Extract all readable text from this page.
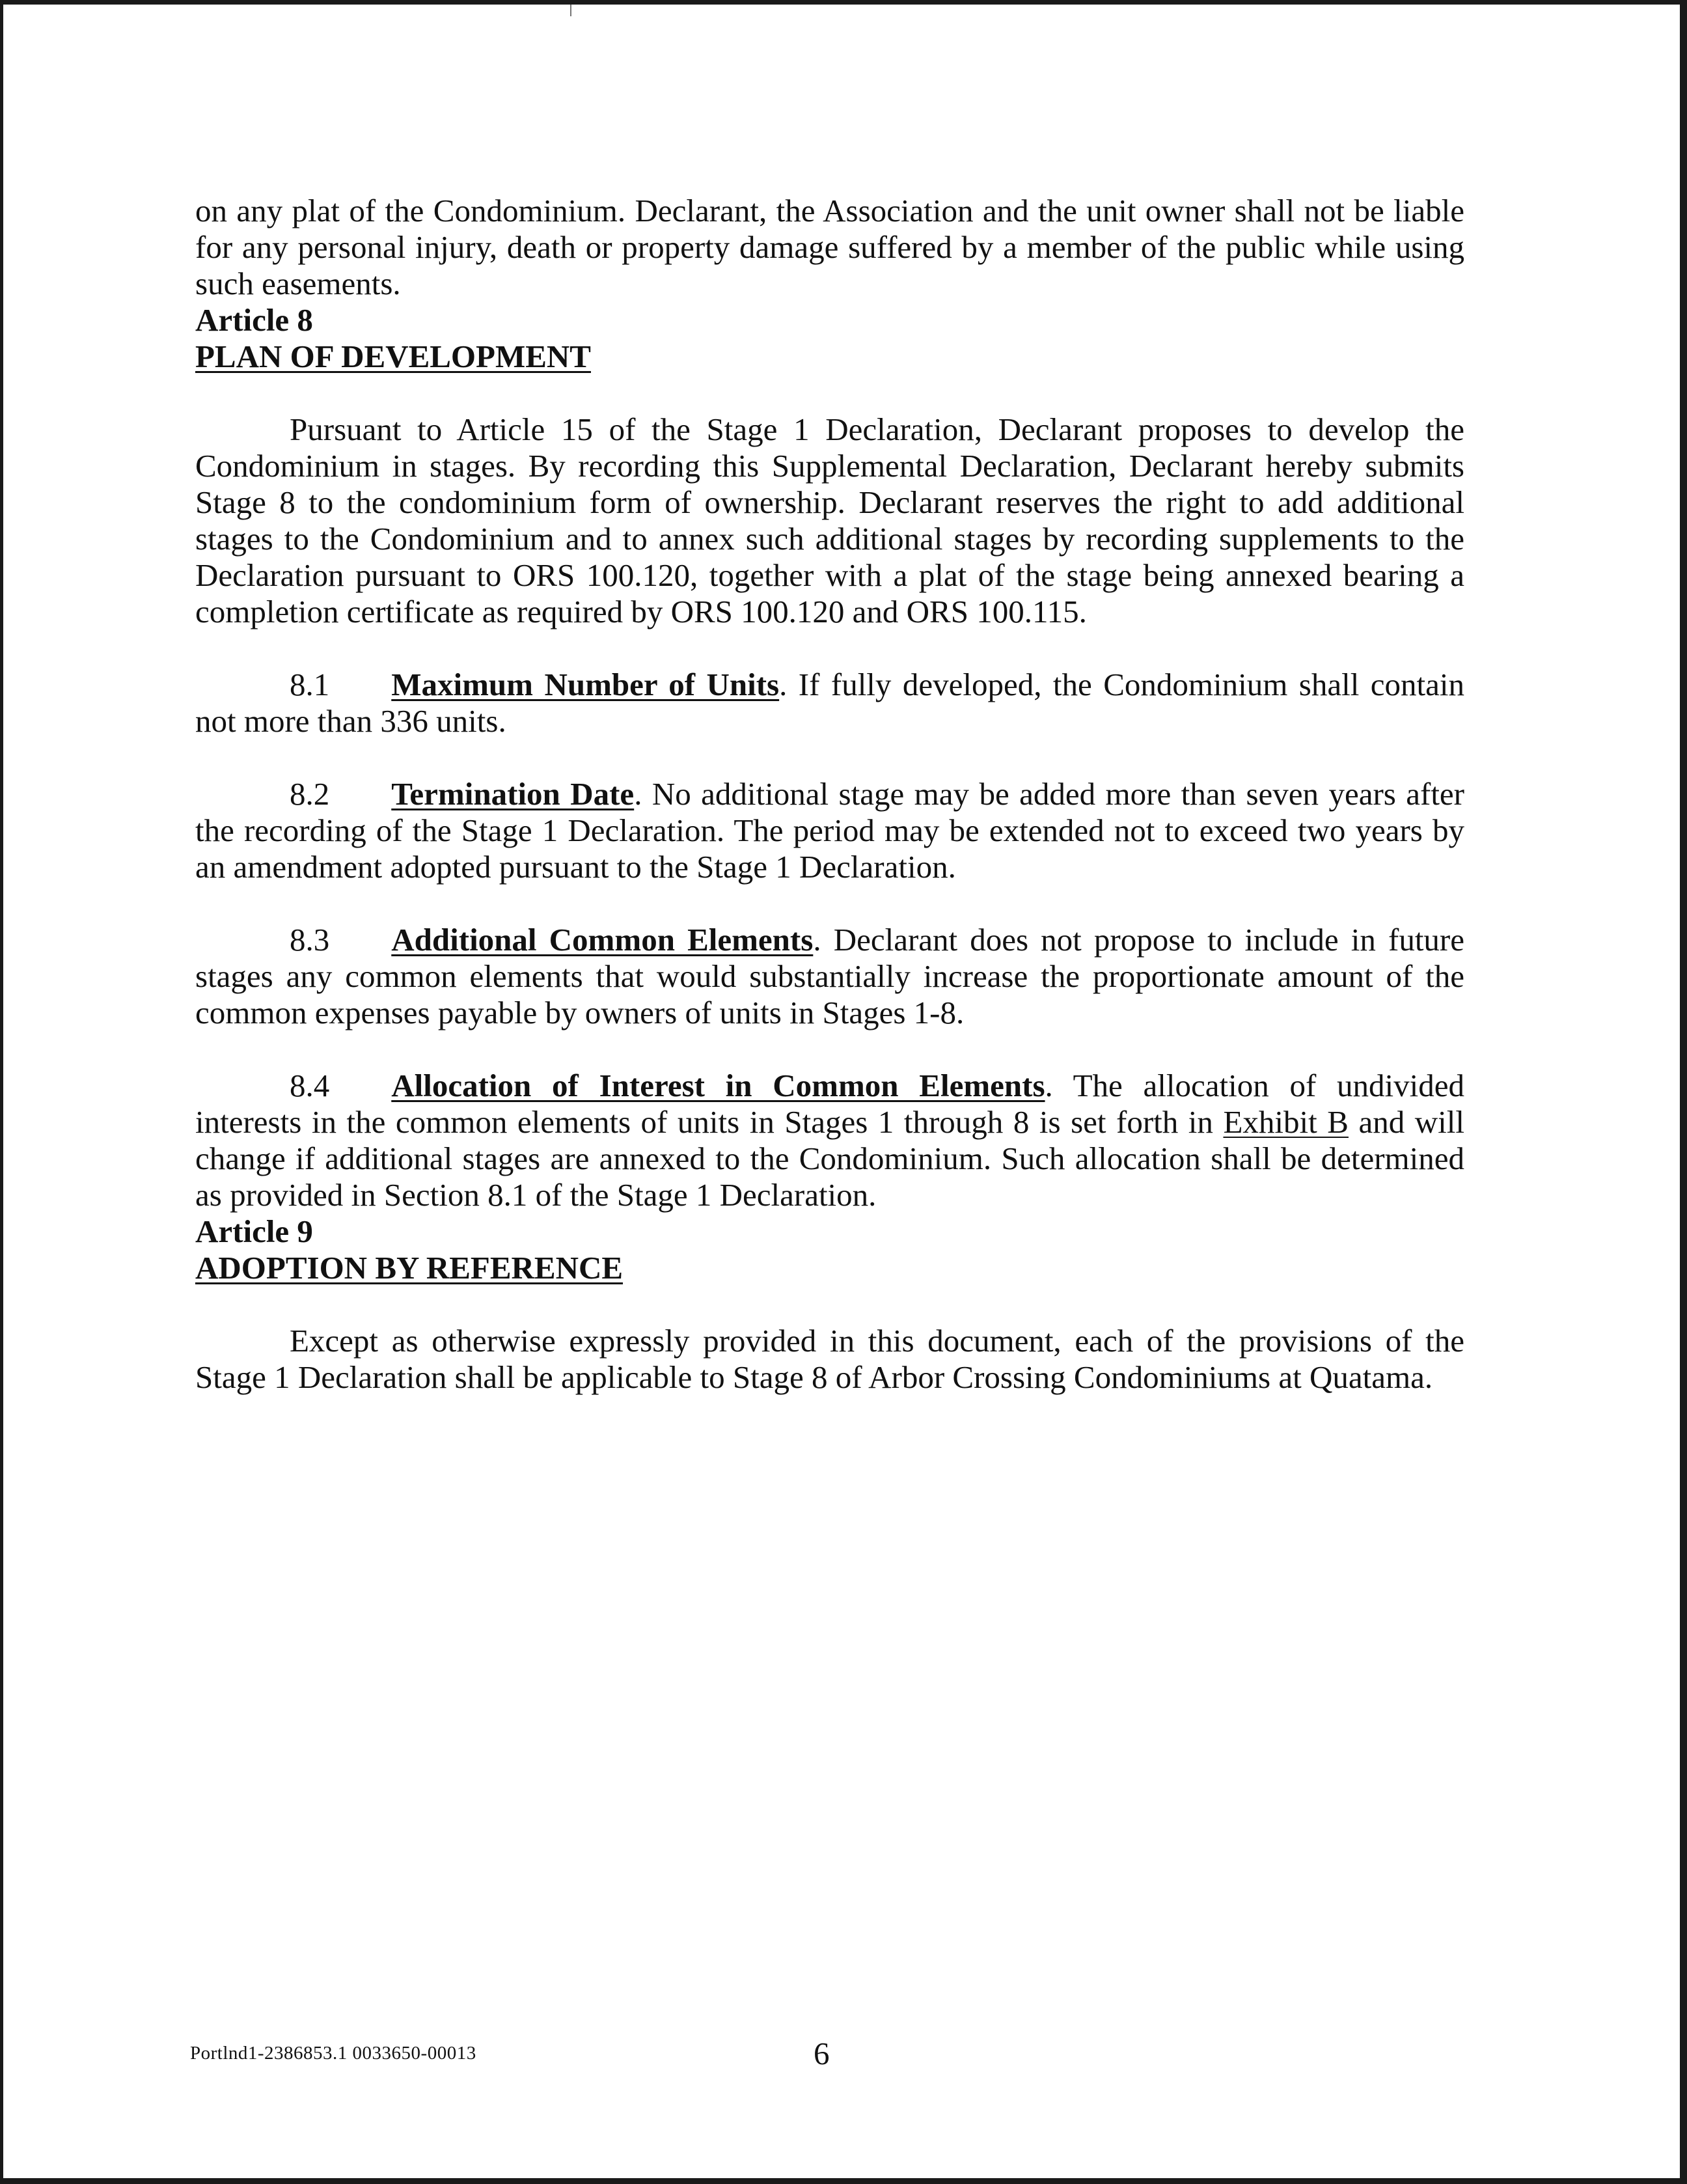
on any plat of the Condominium. Declarant, the Association and the unit owner shall not be liable for any personal injury, death or property damage suffered by a member of the public while using such easements.

Article 8

PLAN OF DEVELOPMENT

Pursuant to Article 15 of the Stage 1 Declaration, Declarant proposes to develop the Condominium in stages. By recording this Supplemental Declaration, Declarant hereby submits Stage 8 to the condominium form of ownership. Declarant reserves the right to add additional stages to the Condominium and to annex such additional stages by recording supplements to the Declaration pursuant to ORS 100.120, together with a plat of the stage being annexed bearing a completion certificate as required by ORS 100.120 and ORS 100.115.

8.1 Maximum Number of Units. If fully developed, the Condominium shall contain not more than 336 units.

8.2 Termination Date. No additional stage may be added more than seven years after the recording of the Stage 1 Declaration. The period may be extended not to exceed two years by an amendment adopted pursuant to the Stage 1 Declaration.

8.3 Additional Common Elements. Declarant does not propose to include in future stages any common elements that would substantially increase the proportionate amount of the common expenses payable by owners of units in Stages 1-8.

8.4 Allocation of Interest in Common Elements. The allocation of undivided interests in the common elements of units in Stages 1 through 8 is set forth in Exhibit B and will change if additional stages are annexed to the Condominium. Such allocation shall be determined as provided in Section 8.1 of the Stage 1 Declaration.

Article 9

ADOPTION BY REFERENCE

Except as otherwise expressly provided in this document, each of the provisions of the Stage 1 Declaration shall be applicable to Stage 8 of Arbor Crossing Condominiums at Quatama.

Portlnd1-2386853.1 0033650-00013	6
